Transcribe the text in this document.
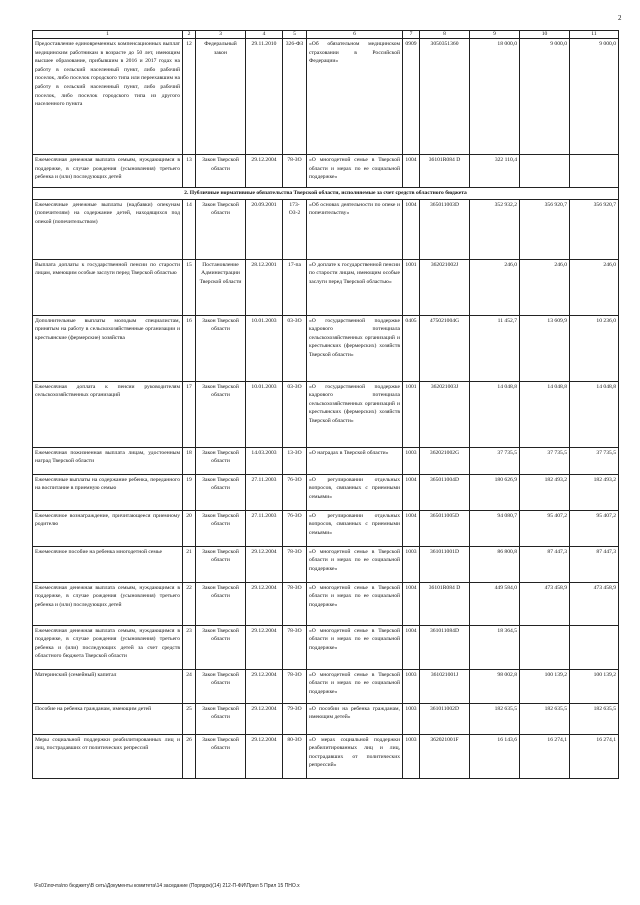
2
1	2	3	4	5	6	7	8	9	10	11
Предоставление единовременных компенсационных выплат медицинским работникам в возрасте до 50 лет, имеющим высшее образование, прибывшим в 2016 и 2017 годах на работу в сельский населенный пункт, либо рабочий поселок, либо поселок городского типа или переехавшим на работу в сельский населенный пункт, либо рабочий поселок, либо поселок городского типа из другого населенного пункта	12	Федеральный закон	29.11.2010	326-ФЗ	«Об обязательном медицинском страховании в Российской Федерации»	0909	3050351360	18 000,0	9 000,0	9 000,0
Ежемесячная денежная выплата семьям, нуждающимся в поддержке, в случае рождения (усыновления) третьего ребенка и (или) последующих детей	13	Закон Тверской области	29.12.2004	78-ЗО	«О многодетной семье в Тверской области и мерах по ее социальной поддержке»	1004	36101R084 D	322 110,4		
2. Публичные нормативные обязательства Тверской области, исполняемые за счет средств областного бюджета										
Ежемесячные денежные выплаты (надбавки) опекунам (попечителям) на содержание детей, находящихся под опекой (попечительством)	14	Закон Тверской области	20.09.2001	173-ОЗ-2	«Об основах деятельности по опеке и попечительству»	1004	365011003D	352 932,2	356 920,7	356 920,7
Выплата доплаты к государственной пенсии по старости лицам, имеющим особые заслуги перед Тверской областью	15	Постановление Администрации Тверской области	28.12.2001	17-па	«О доплате к государственной пенсии по старости лицам, имеющим особые заслуги перед Тверской областью»	1001	362021002J	246,0	246,0	246,0
Дополнительные выплаты молодым специалистам, принятым на работу в сельскохозяйственные организации и крестьянские (фермерские) хозяйства	16	Закон Тверской области	10.01.2003	03-ЗО	«О государственной поддержке кадрового потенциала сельскохозяйственных организаций и крестьянских (фермерских) хозяйств Тверской области»	0405	475021004G	11 452,7	13 609,9	10 236,0
Ежемесячная доплата к пенсии руководителям сельскохозяйственных организаций	17	Закон Тверской области	10.01.2003	03-ЗО	«О государственной поддержке кадрового потенциала сельскохозяйственных организаций и крестьянских (фермерских) хозяйств Тверской области»	1001	362021003J	14 048,8	14 048,8	14 048,8
Ежемесячная пожизненная выплата лицам, удостоенным наград Тверской области	18	Закон Тверской области	14.03.2003	13-ЗО	«О наградах в Тверской области»	1003	362021002G	37 735,5	37 735,5	37 735,5
Ежемесячные выплаты на содержание ребенка, переданного на воспитание в приемную семью	19	Закон Тверской области	27.11.2003	76-ЗО	«О регулировании отдельных вопросов, связанных с приемными семьями»	1004	365011004D	180 626,9	182 493,2	182 493,2
Ежемесячное вознаграждение, причитающееся приемному родителю	20	Закон Тверской области	27.11.2003	76-ЗО	«О регулировании отдельных вопросов, связанных с приемными семьями»	1004	365011005D	94 080,7	95 407,2	95 407,2
Ежемесячное пособие на ребенка многодетной семье	21	Закон Тверской области	29.12.2004	78-ЗО	«О многодетной семье в Тверской области и мерах по ее социальной поддержке»	1003	361011001D	86 800,8	87 447,3	87 447,3
Ежемесячная денежная выплата семьям, нуждающимся в поддержке, в случае рождения (усыновления) третьего ребенка и (или) последующих детей	22	Закон Тверской области	29.12.2004	78-ЗО	«О многодетной семье в Тверской области и мерах по ее социальной поддержке»	1004	36101R084 D	449 584,0	473 458,9	473 458,9
Ежемесячная денежная выплата семьям, нуждающимся в поддержке, в случае рождения (усыновления) третьего ребенка и (или) последующих детей за счет средств областного бюджета Тверской области	23	Закон Тверской области	29.12.2004	78-ЗО	«О многодетной семье в Тверской области и мерах по ее социальной поддержке»	1004	361011084D	18 364,5		
Материнский (семейный) капитал	24	Закон Тверской области	29.12.2004	78-ЗО	«О многодетной семье в Тверской области и мерах по ее социальной поддержке»	1003	361021001J	98 002,8	100 139,2	100 139,2
Пособие на ребенка гражданам, имеющим детей	25	Закон Тверской области	29.12.2004	79-ЗО	«О пособии на ребенка гражданам, имеющим детей»	1003	361011002D	182 635,5	182 635,5	182 635,5
Меры социальной поддержки реабилитированных лиц и лиц, пострадавших от политических репрессий	26	Закон Тверской области	29.12.2004	80-ЗО	«О мерах социальной поддержки реабилитированных лиц и лиц, пострадавших от политических репрессий»	1003	362021001F	16 143,6	16 274,1	16 274,1
\Fs01\почта\по бюджету\В сеть\Документы комитета\14 заседание (Порядок)(14) 212-П-ФИ\Прил 5 Прил 15 ПНО.х
